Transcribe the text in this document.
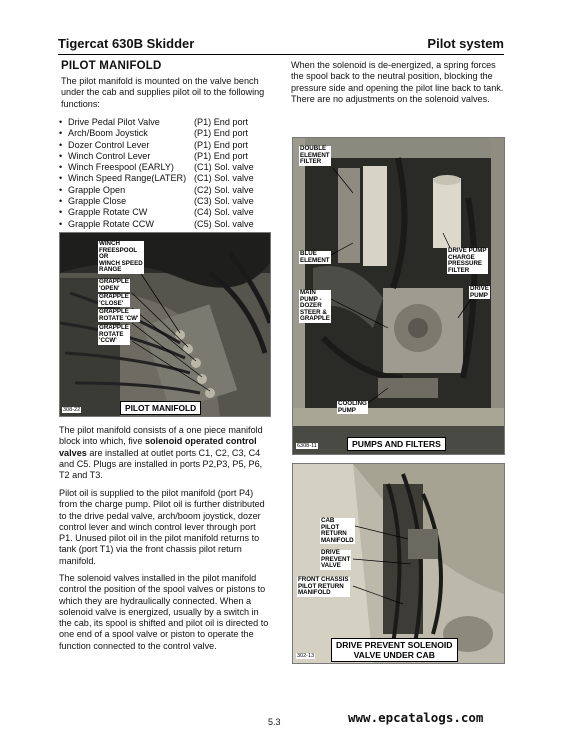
Tigercat 630B Skidder	Pilot system
PILOT MANIFOLD

The pilot manifold is mounted on the valve bench under the cab and supplies pilot oil to the following functions:

• Drive Pedal Pilot Valve	(P1) End port
• Arch/Boom Joystick	(P1) End port
• Dozer Control Lever	(P1) End port
• Winch Control Lever	(P1) End port
• Winch Freespool (EARLY) (C1) Sol. valve
• Winch Speed Range(LATER) (C1) Sol. valve
• Grapple Open	(C2) Sol. valve
• Grapple Close	(C3) Sol. valve
• Grapple Rotate CW	(C4) Sol. valve
• Grapple Rotate CCW	(C5) Sol. valve

When the solenoid is de-energized, a spring forces the spool back to the neutral position, blocking the pressure side and opening the pilot line back to tank. There are no adjustments on the solenoid valves.

WINCH
FREESPOOL
OR
WINCH SPEED
RANGE
GRAPPLE
'OPEN'
GRAPPLE
'CLOSE'
GRAPPLE
ROTATE 'CW'
GRAPPLE
ROTATE
'CCW'
308-22	PILOT MANIFOLD

The pilot manifold consists of a one piece manifold block into which, five solenoid operated control valves are installed at outlet ports C1, C2, C3, C4 and C5. Plugs are installed in ports P2,P3, P5, P6, T2 and T3.

Pilot oil is supplied to the pilot manifold (port P4) from the charge pump. Pilot oil is further distributed to the drive pedal valve, arch/boom joystick, dozer control lever and winch control lever through port P1. Unused pilot oil in the pilot manifold returns to tank (port T1) via the front chassis pilot return manifold.

The solenoid valves installed in the pilot manifold control the position of the spool valves or pistons to which they are hydraulically connected. When a solenoid valve is energized, usually by a switch in the cab, its spool is shifted and pilot oil is directed to one end of a spool valve or piston to operate the function connected to the control valve.

DOUBLE
ELEMENT
FILTER
BLUE
ELEMENT
MAIN
PUMP -
DOZER
STEER &
GRAPPLE
DRIVE PUMP
CHARGE
PRESSURE
FILTER
DRIVE
PUMP
COOLING
PUMP
6308-11	PUMPS AND FILTERS
CAB
PILOT
RETURN
MANIFOLD
DRIVE
PREVENT
VALVE
FRONT CHASSIS
PILOT RETURN
MANIFOLD
302-13
DRIVE PREVENT SOLENOID
VALVE UNDER CAB
5.3	www.epcatalogs.com
